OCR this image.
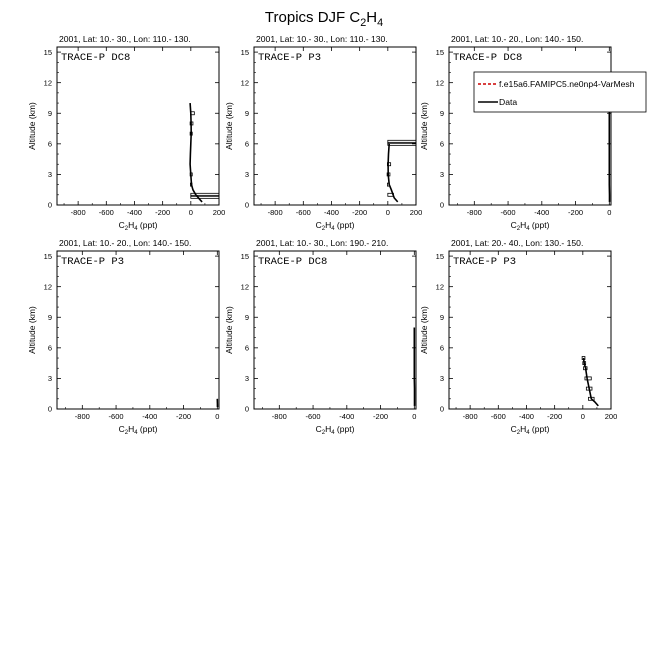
Tropics DJF $C_2H_4$
2001, Lat: 10.- 30., Lon: 110.- 130.
TRACE-P DC8
-800 -600 -400 -200 0	200
0
3
6
9
12
15
$C_2H_4$ (ppt)
Altitude (km)
2001, Lat: 10.- 30., Lon: 110.- 130.
TRACE-P P3
-800 -600 -400 -200 0	200
0
3
6
9
12
15
$C_2H_4$ (ppt)
Altitude (km)
2001, Lat: 10.- 20., Lon: 140.- 150.
TRACE-P DC8
-800 -600 -400 -200	0
0
3
6
9
12
15
$C_2H_4$ (ppt)
Altitude (km)
2001, Lat: 10.- 20., Lon: 140.- 150.
TRACE-P P3
-800 -600 -400 -200	0
0
3
6
9
12
15
$C_2H_4$ (ppt)
Altitude (km)
2001, Lat: 10.- 30., Lon: 190.- 210.
TRACE-P DC8
-800 -600 -400 -200	0
0
3
6
9
12
15
$C_2H_4$ (ppt)
Altitude (km)
2001, Lat: 20.- 40., Lon: 130.- 150.
TRACE-P P3
-800 -600 -400 -200 0	200
0
3
6
9
12
15
$C_2H_4$ (ppt)
Altitude (km)
f.e15a6.FAMIPC5.ne0np4-VarMesh
Data
